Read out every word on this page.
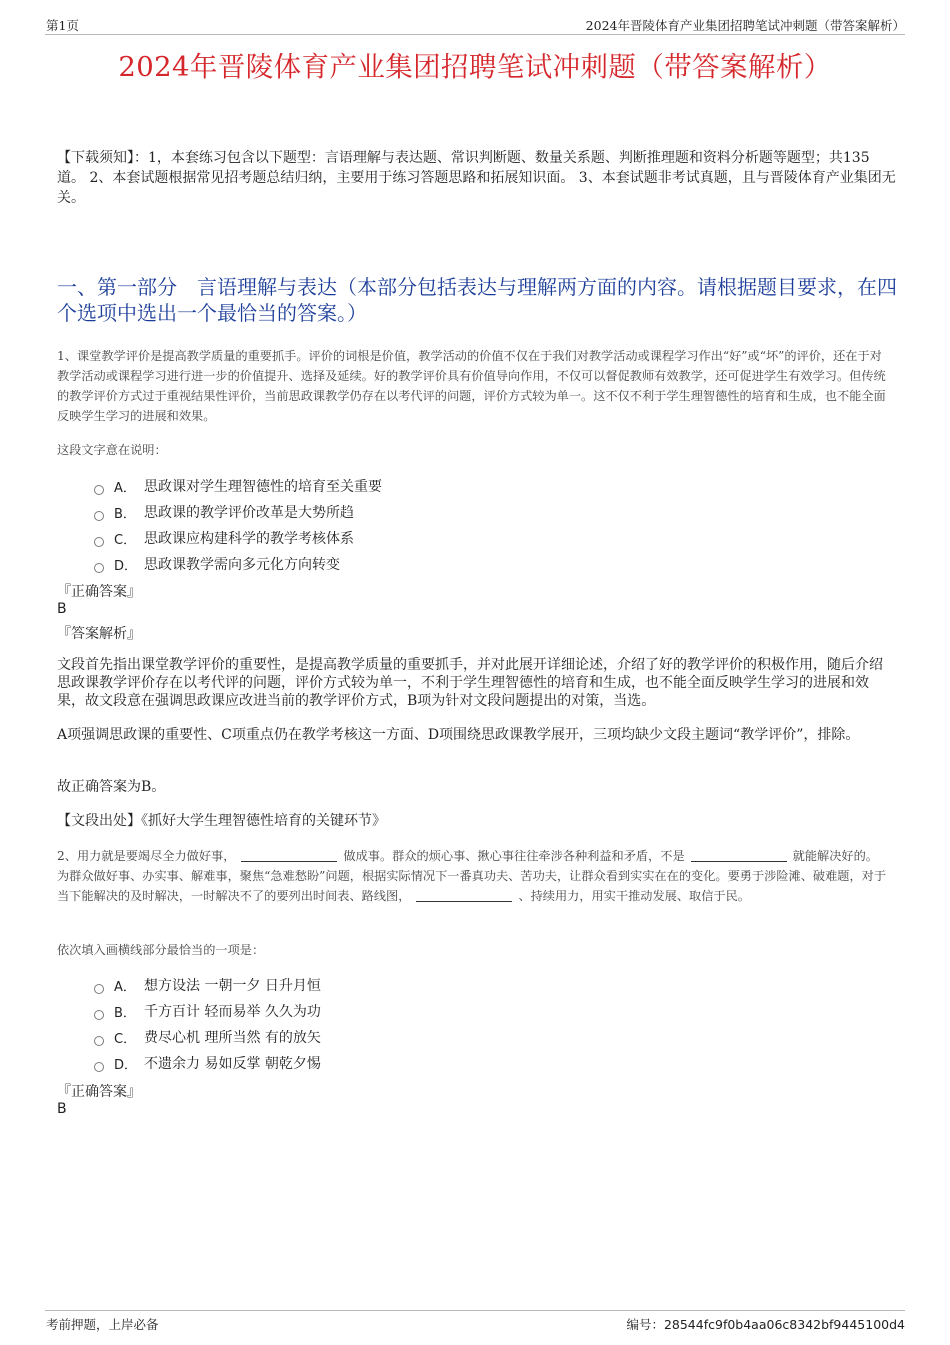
第1页	2024年晋陵体育产业集团招聘笔试冲刺题（带答案解析）
2024年晋陵体育产业集团招聘笔试冲刺题（带答案解析）
【下载须知】：1，本套练习包含以下题型：言语理解与表达题、常识判断题、数量关系题、判断推理题和资料分析题等题型；共135道。 2、本套试题根据常见招考题总结归纳，主要用于练习答题思路和拓展知识面。 3、本套试题非考试真题，且与晋陵体育产业集团无关。
一、第一部分　言语理解与表达（本部分包括表达与理解两方面的内容。请根据题目要求，在四个选项中选出一个最恰当的答案。）
1、课堂教学评价是提高教学质量的重要抓手。评价的词根是价值，教学活动的价值不仅在于我们对教学活动或课程学习作出“好”或“坏”的评价，还在于对教学活动或课程学习进行进一步的价值提升、选择及延续。好的教学评价具有价值导向作用，不仅可以督促教师有效教学，还可促进学生有效学习。但传统的教学评价方式过于重视结果性评价，当前思政课教学仍存在以考代评的问题，评价方式较为单一。这不仅不利于学生理智德性的培育和生成，也不能全面反映学生学习的进展和效果。
这段文字意在说明：
A． 思政课对学生理智德性的培育至关重要
B． 思政课的教学评价改革是大势所趋
C． 思政课应构建科学的教学考核体系
D． 思政课教学需向多元化方向转变
『正确答案』
B
『答案解析』
文段首先指出课堂教学评价的重要性，是提高教学质量的重要抓手，并对此展开详细论述，介绍了好的教学评价的积极作用，随后介绍思政课教学评价存在以考代评的问题，评价方式较为单一，不利于学生理智德性的培育和生成，也不能全面反映学生学习的进展和效果，故文段意在强调思政课应改进当前的教学评价方式，B项为针对文段问题提出的对策，当选。
A项强调思政课的重要性、C项重点仍在教学考核这一方面、D项围绕思政课教学展开，三项均缺少文段主题词“教学评价”，排除。
故正确答案为B。
【文段出处】《抓好大学生理智德性培育的关键环节》
2、用力就是要竭尽全力做好事，	做成事。群众的烦心事、揪心事往往牵涉各种利益和矛盾，不是	就能解决好的。为群众做好事、办实事、解难事，聚焦“急难愁盼”问题，根据实际情况下一番真功夫、苦功夫，让群众看到实实在在的变化。要勇于涉险滩、破难题，对于当下能解决的及时解决，一时解决不了的要列出时间表、路线图，	、持续用力，用实干推动发展、取信于民。
依次填入画横线部分最恰当的一项是：
A． 想方设法 一朝一夕 日升月恒
B． 千方百计 轻而易举 久久为功
C． 费尽心机 理所当然 有的放矢
D． 不遗余力 易如反掌 朝乾夕惕
『正确答案』
B
考前押题，上岸必备	编号：28544fc9f0b4aa06c8342bf9445100d4
